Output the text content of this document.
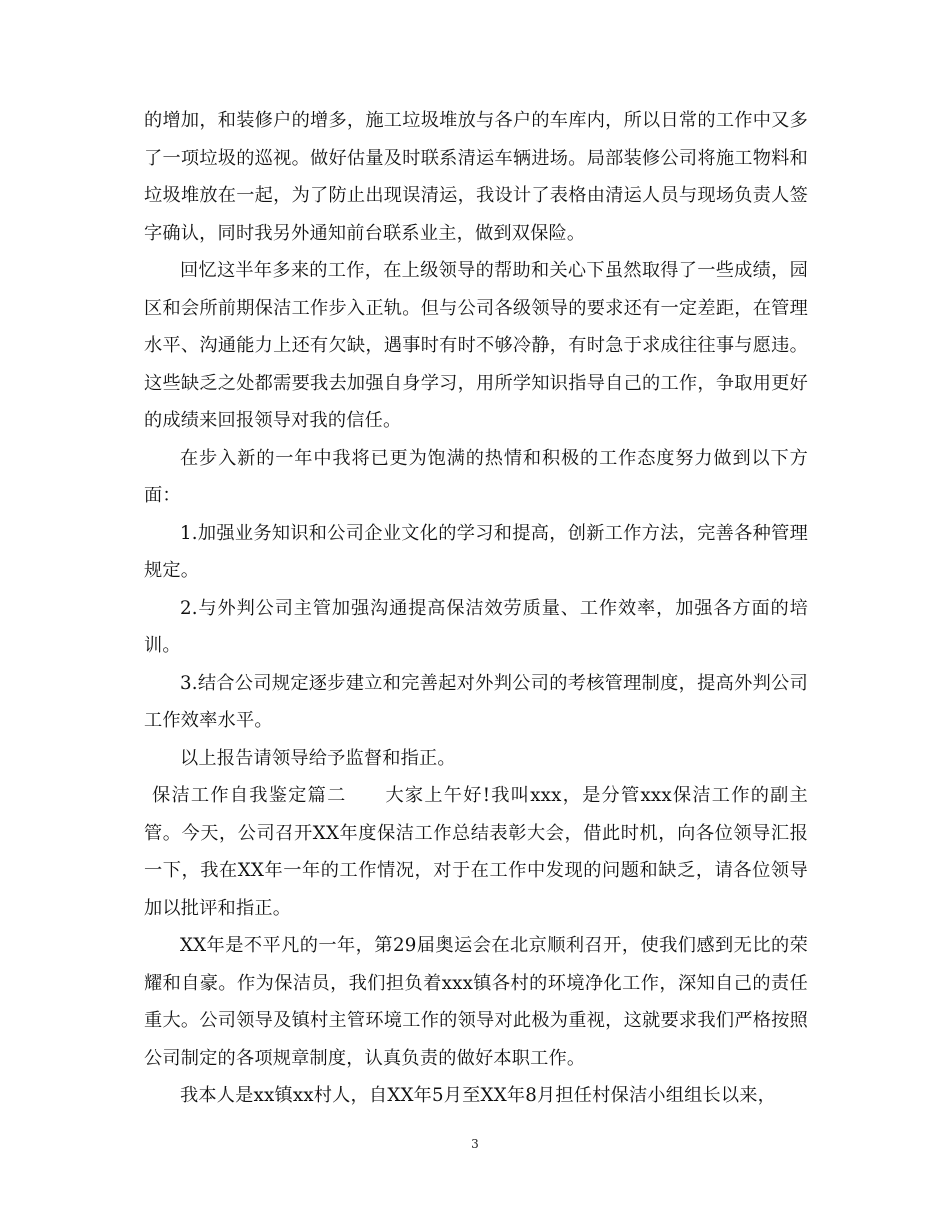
的增加，和装修户的增多，施工垃圾堆放与各户的车库内，所以日常的工作中又多了一项垃圾的巡视。做好估量及时联系清运车辆进场。局部装修公司将施工物料和垃圾堆放在一起，为了防止出现误清运，我设计了表格由清运人员与现场负责人签字确认，同时我另外通知前台联系业主，做到双保险。

回忆这半年多来的工作，在上级领导的帮助和关心下虽然取得了一些成绩，园区和会所前期保洁工作步入正轨。但与公司各级领导的要求还有一定差距，在管理水平、沟通能力上还有欠缺，遇事时有时不够冷静，有时急于求成往往事与愿违。这些缺乏之处都需要我去加强自身学习，用所学知识指导自己的工作，争取用更好的成绩来回报领导对我的信任。

在步入新的一年中我将已更为饱满的热情和积极的工作态度努力做到以下方面：

1.加强业务知识和公司企业文化的学习和提高，创新工作方法，完善各种管理规定。

2.与外判公司主管加强沟通提高保洁效劳质量、工作效率，加强各方面的培训。

3.结合公司规定逐步建立和完善起对外判公司的考核管理制度，提高外判公司工作效率水平。

以上报告请领导给予监督和指正。

保洁工作自我鉴定篇二　　大家上午好!我叫xxx，是分管xxx保洁工作的副主管。今天，公司召开XX年度保洁工作总结表彰大会，借此时机，向各位领导汇报一下，我在XX年一年的工作情况，对于在工作中发现的问题和缺乏，请各位领导加以批评和指正。

XX年是不平凡的一年，第29届奥运会在北京顺利召开，使我们感到无比的荣耀和自豪。作为保洁员，我们担负着xxx镇各村的环境净化工作，深知自己的责任重大。公司领导及镇村主管环境工作的领导对此极为重视，这就要求我们严格按照公司制定的各项规章制度，认真负责的做好本职工作。

我本人是xx镇xx村人，自XX年5月至XX年8月担任村保洁小组组长以来，

3
